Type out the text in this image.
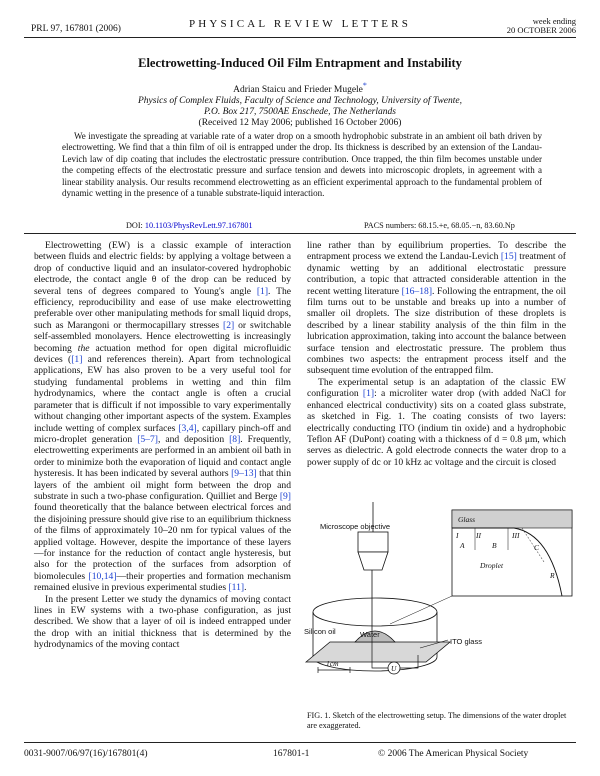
PRL 97, 167801 (2006)	PHYSICAL REVIEW LETTERS	week ending
20 OCTOBER 2006
Electrowetting-Induced Oil Film Entrapment and Instability
Adrian Staicu and Frieder Mugele*
Physics of Complex Fluids, Faculty of Science and Technology, University of Twente,
P.O. Box 217, 7500AE Enschede, The Netherlands
(Received 12 May 2006; published 16 October 2006)
We investigate the spreading at variable rate of a water drop on a smooth hydrophobic substrate in an ambient oil bath driven by electrowetting. We find that a thin film of oil is entrapped under the drop. Its thickness is described by an extension of the Landau-Levich law of dip coating that includes the electrostatic pressure contribution. Once trapped, the thin film becomes unstable under the competing effects of the electrostatic pressure and surface tension and dewets into microscopic droplets, in agreement with a linear stability analysis. Our results recommend electrowetting as an efficient experimental approach to the fundamental problem of dynamic wetting in the presence of a tunable substrate-liquid interaction.
DOI: 10.1103/PhysRevLett.97.167801	PACS numbers: 68.15.+e, 68.05.−n, 83.60.Np

Electrowetting (EW) is a classic example of interaction between fluids and electric fields: by applying a voltage between a drop of conductive liquid and an insulator-covered hydrophobic electrode, the contact angle θ of the drop can be reduced by several tens of degrees compared to Young's angle [1]. The efficiency, reproducibility and ease of use make electrowetting preferable over other manipulating methods for small liquid drops, such as Marangoni or thermocapillary stresses [2] or switchable self-assembled monolayers. Hence electrowetting is increasingly becoming the actuation method for open digital microfluidic devices ([1] and references therein). Apart from technological applications, EW has also proven to be a very useful tool for studying fundamental problems in wetting and thin film hydrodynamics, where the contact angle is often a crucial parameter that is difficult if not impossible to vary experimentally without changing other important aspects of the system. Examples include wetting of complex surfaces [3,4], capillary pinch-off and micro-droplet generation [5–7], and deposition [8]. Frequently, electrowetting experiments are performed in an ambient oil bath in order to minimize both the evaporation of liquid and contact angle hysteresis. It has been indicated by several authors [9–13] that thin layers of the ambient oil might form between the drop and substrate in such a two-phase configuration. Quilliet and Berge [9] found theoretically that the balance between electrical forces and the disjoining pressure should give rise to an equilibrium thickness of the films of approximately 10–20 nm for typical values of the applied voltage. However, despite the importance of these layers—for instance for the reduction of contact angle hysteresis, but also for the protection of the surfaces from adsorption of biomolecules [10,14]—their properties and formation mechanism remained elusive in previous experimental studies [11].

In the present Letter we study the dynamics of moving contact lines in EW systems with a two-phase configuration, as just described. We show that a layer of oil is indeed entrapped under the drop with an initial thickness that is determined by the hydrodynamics of the moving contact

line rather than by equilibrium properties. To describe the entrapment process we extend the Landau-Levich [15] treatment of dynamic wetting by an additional electrostatic pressure contribution, a topic that attracted considerable attention in the recent wetting literature [16–18]. Following the entrapment, the oil film turns out to be unstable and breaks up into a number of smaller oil droplets. The size distribution of these droplets is described by a linear stability analysis of the thin film in the lubrication approximation, taking into account the balance between surface tension and electrostatic pressure. The problem thus combines two aspects: the entrapment process itself and the subsequent time evolution of the entrapped film.

The experimental setup is an adaptation of the classic EW configuration [1]: a microliter water drop (with added NaCl for enhanced electrical conductivity) sits on a coated glass substrate, as sketched in Fig. 1. The coating consists of two layers: electrically conducting ITO (indium tin oxide) and a hydrophobic Teflon AF (DuPont) coating with a thickness of d = 0.8 μm, which serves as dielectric. A gold electrode connects the water drop to a power supply of dc or 10 kHz ac voltage and the circuit is closed

Microscope objective
Silicon oil	Water
ITO glass
U
1cm
Glass
A	B	C
R
II	III
I
Droplet
FIG. 1. Sketch of the electrowetting setup. The dimensions of the water droplet are exaggerated.
0031-9007/06/97(16)/167801(4)	167801-1	© 2006 The American Physical Society
